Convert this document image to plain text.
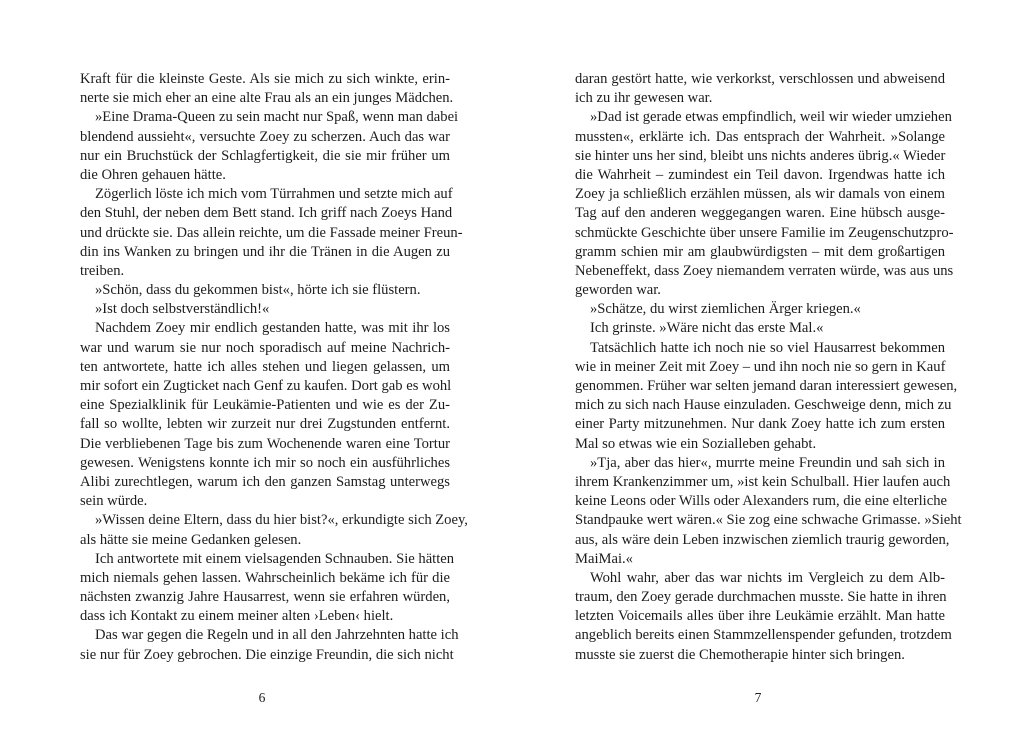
Kraft für die kleinste Geste. Als sie mich zu sich winkte, erin-
nerte sie mich eher an eine alte Frau als an ein junges Mädchen.
»Eine Drama-Queen zu sein macht nur Spaß, wenn man dabei
blendend aussieht«, versuchte Zoey zu scherzen. Auch das war
nur ein Bruchstück der Schlagfertigkeit, die sie mir früher um
die Ohren gehauen hätte.
Zögerlich löste ich mich vom Türrahmen und setzte mich auf
den Stuhl, der neben dem Bett stand. Ich griff nach Zoeys Hand
und drückte sie. Das allein reichte, um die Fassade meiner Freun-
din ins Wanken zu bringen und ihr die Tränen in die Augen zu
treiben.
»Schön, dass du gekommen bist«, hörte ich sie flüstern.
»Ist doch selbstverständlich!«
Nachdem Zoey mir endlich gestanden hatte, was mit ihr los
war und warum sie nur noch sporadisch auf meine Nachrich-
ten antwortete, hatte ich alles stehen und liegen gelassen, um
mir sofort ein Zugticket nach Genf zu kaufen. Dort gab es wohl
eine Spezialklinik für Leukämie-Patienten und wie es der Zu-
fall so wollte, lebten wir zurzeit nur drei Zugstunden entfernt.
Die verbliebenen Tage bis zum Wochenende waren eine Tortur
gewesen. Wenigstens konnte ich mir so noch ein ausführliches
Alibi zurechtlegen, warum ich den ganzen Samstag unterwegs
sein würde.
»Wissen deine Eltern, dass du hier bist?«, erkundigte sich Zoey,
als hätte sie meine Gedanken gelesen.
Ich antwortete mit einem vielsagenden Schnauben. Sie hätten
mich niemals gehen lassen. Wahrscheinlich bekäme ich für die
nächsten zwanzig Jahre Hausarrest, wenn sie erfahren würden,
dass ich Kontakt zu einem meiner alten ›Leben‹ hielt.
Das war gegen die Regeln und in all den Jahrzehnten hatte ich
sie nur für Zoey gebrochen. Die einzige Freundin, die sich nicht
daran gestört hatte, wie verkorkst, verschlossen und abweisend
ich zu ihr gewesen war.
»Dad ist gerade etwas empfindlich, weil wir wieder umziehen
mussten«, erklärte ich. Das entsprach der Wahrheit. »Solange
sie hinter uns her sind, bleibt uns nichts anderes übrig.« Wieder
die Wahrheit – zumindest ein Teil davon. Irgendwas hatte ich
Zoey ja schließlich erzählen müssen, als wir damals von einem
Tag auf den anderen weggegangen waren. Eine hübsch ausge-
schmückte Geschichte über unsere Familie im Zeugenschutzpro-
gramm schien mir am glaubwürdigsten – mit dem großartigen
Nebeneffekt, dass Zoey niemandem verraten würde, was aus uns
geworden war.
»Schätze, du wirst ziemlichen Ärger kriegen.«
Ich grinste. »Wäre nicht das erste Mal.«
Tatsächlich hatte ich noch nie so viel Hausarrest bekommen
wie in meiner Zeit mit Zoey – und ihn noch nie so gern in Kauf
genommen. Früher war selten jemand daran interessiert gewesen,
mich zu sich nach Hause einzuladen. Geschweige denn, mich zu
einer Party mitzunehmen. Nur dank Zoey hatte ich zum ersten
Mal so etwas wie ein Sozialleben gehabt.
»Tja, aber das hier«, murrte meine Freundin und sah sich in
ihrem Krankenzimmer um, »ist kein Schulball. Hier laufen auch
keine Leons oder Wills oder Alexanders rum, die eine elterliche
Standpauke wert wären.« Sie zog eine schwache Grimasse. »Sieht
aus, als wäre dein Leben inzwischen ziemlich traurig geworden,
MaiMai.«
Wohl wahr, aber das war nichts im Vergleich zu dem Alb-
traum, den Zoey gerade durchmachen musste. Sie hatte in ihren
letzten Voicemails alles über ihre Leukämie erzählt. Man hatte
angeblich bereits einen Stammzellenspender gefunden, trotzdem
musste sie zuerst die Chemotherapie hinter sich bringen.
6	7
